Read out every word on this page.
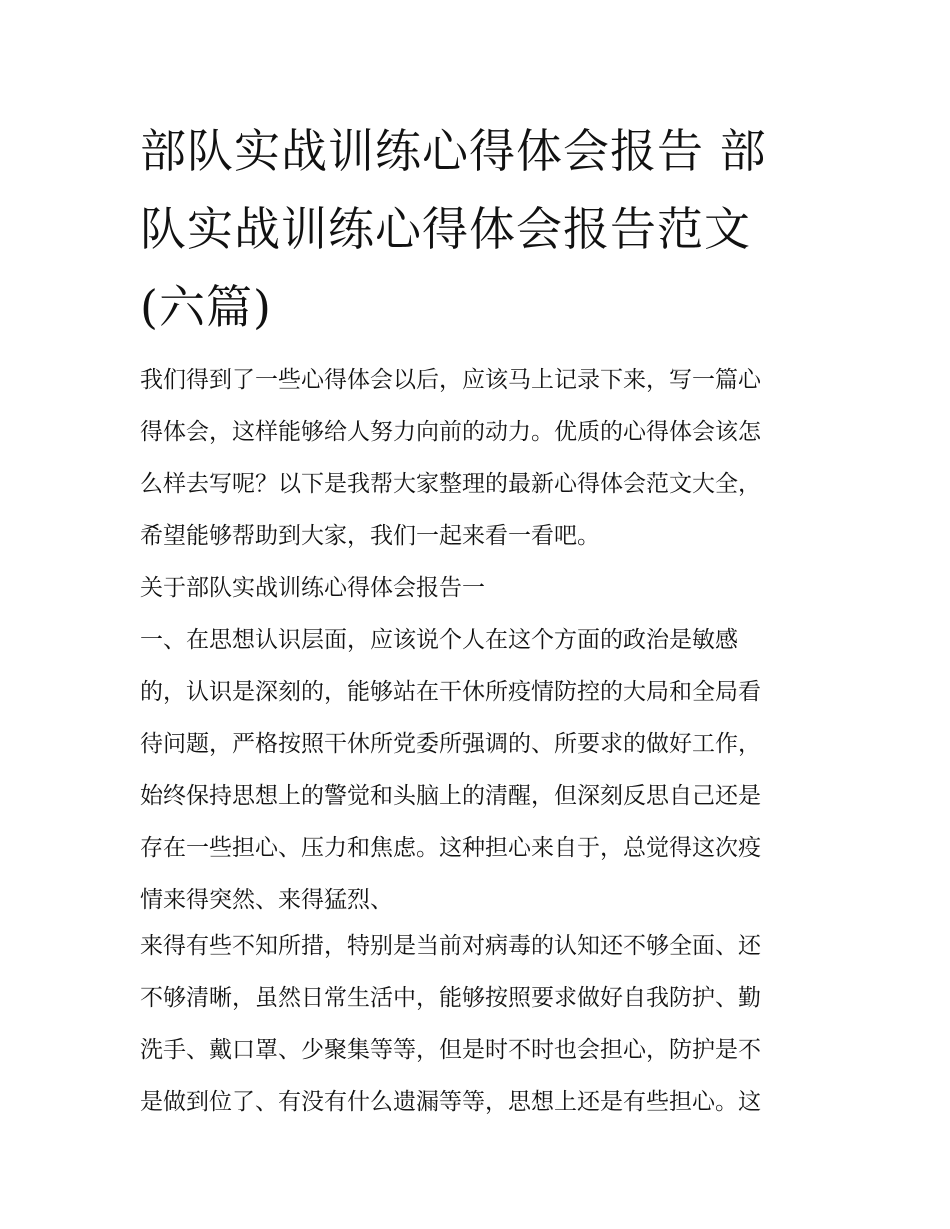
部队实战训练心得体会报告 部
队实战训练心得体会报告范文
(六篇)
我们得到了一些心得体会以后，应该马上记录下来，写一篇心
得体会，这样能够给人努力向前的动力。优质的心得体会该怎
么样去写呢？以下是我帮大家整理的最新心得体会范文大全，
希望能够帮助到大家，我们一起来看一看吧。
关于部队实战训练心得体会报告一
一、在思想认识层面，应该说个人在这个方面的政治是敏感
的，认识是深刻的，能够站在干休所疫情防控的大局和全局看
待问题，严格按照干休所党委所强调的、所要求的做好工作，
始终保持思想上的警觉和头脑上的清醒，但深刻反思自己还是
存在一些担心、压力和焦虑。这种担心来自于，总觉得这次疫
情来得突然、来得猛烈、
来得有些不知所措，特别是当前对病毒的认知还不够全面、还
不够清晰，虽然日常生活中，能够按照要求做好自我防护、勤
洗手、戴口罩、少聚集等等，但是时不时也会担心，防护是不
是做到位了、有没有什么遗漏等等，思想上还是有些担心。这
